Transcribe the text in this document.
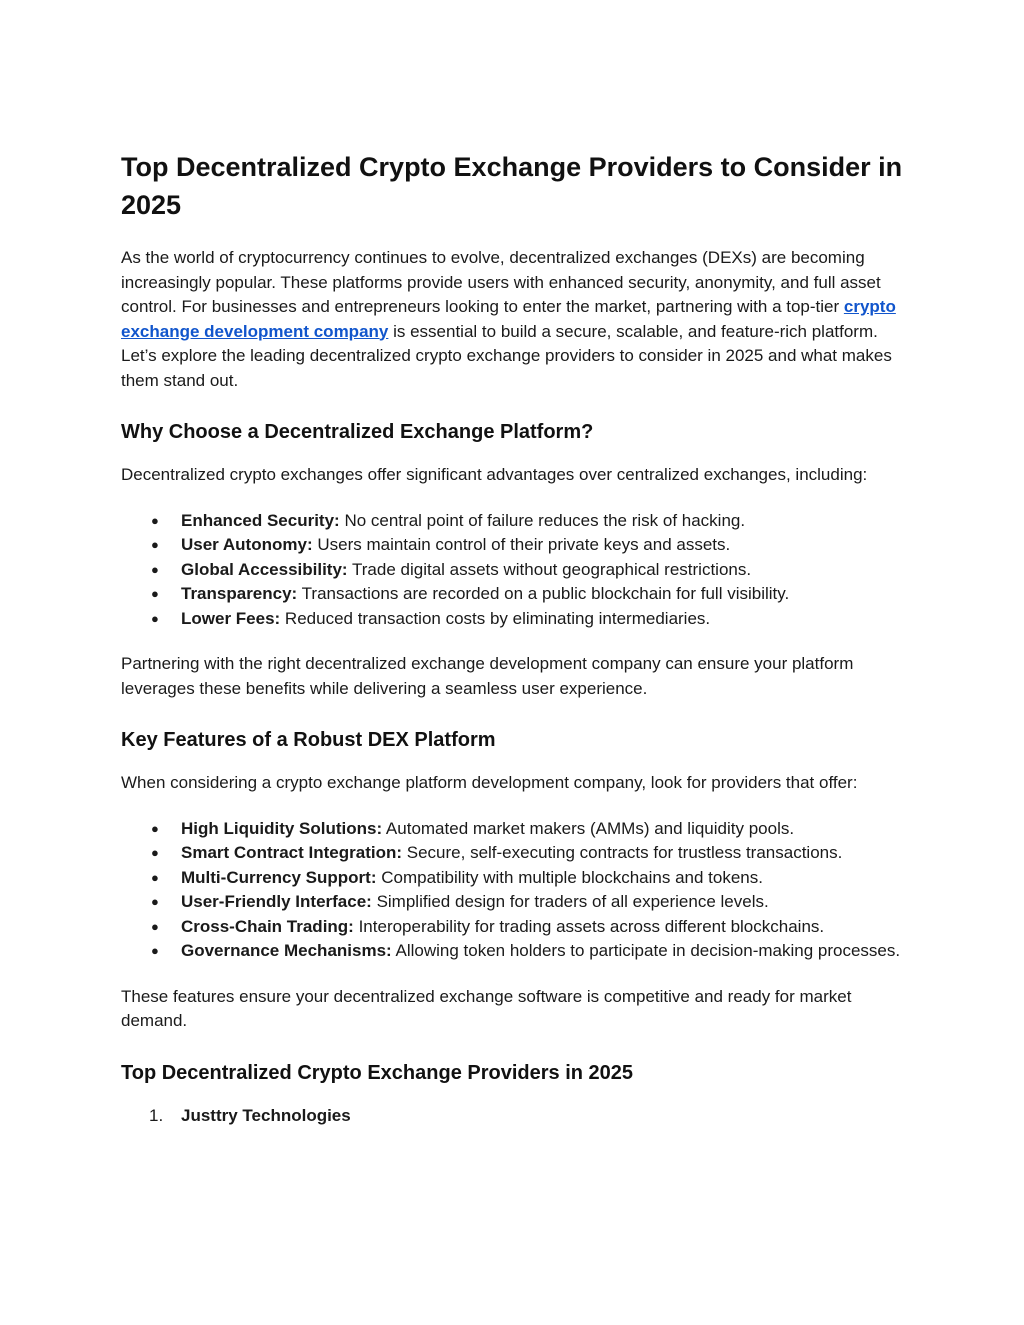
Top Decentralized Crypto Exchange Providers to Consider in 2025

As the world of cryptocurrency continues to evolve, decentralized exchanges (DEXs) are becoming increasingly popular. These platforms provide users with enhanced security, anonymity, and full asset control. For businesses and entrepreneurs looking to enter the market, partnering with a top-tier crypto exchange development company is essential to build a secure, scalable, and feature-rich platform. Let’s explore the leading decentralized crypto exchange providers to consider in 2025 and what makes them stand out.

Why Choose a Decentralized Exchange Platform?

Decentralized crypto exchanges offer significant advantages over centralized exchanges, including:

● Enhanced Security: No central point of failure reduces the risk of hacking.
● User Autonomy: Users maintain control of their private keys and assets.
● Global Accessibility: Trade digital assets without geographical restrictions.
● Transparency: Transactions are recorded on a public blockchain for full visibility.
● Lower Fees: Reduced transaction costs by eliminating intermediaries.

Partnering with the right decentralized exchange development company can ensure your platform leverages these benefits while delivering a seamless user experience.

Key Features of a Robust DEX Platform

When considering a crypto exchange platform development company, look for providers that offer:

● High Liquidity Solutions: Automated market makers (AMMs) and liquidity pools.
● Smart Contract Integration: Secure, self-executing contracts for trustless transactions.
● Multi-Currency Support: Compatibility with multiple blockchains and tokens.
● User-Friendly Interface: Simplified design for traders of all experience levels.
● Cross-Chain Trading: Interoperability for trading assets across different blockchains.
● Governance Mechanisms: Allowing token holders to participate in decision-making processes.

These features ensure your decentralized exchange software is competitive and ready for market demand.

Top Decentralized Crypto Exchange Providers in 2025
1. Justtry Technologies
